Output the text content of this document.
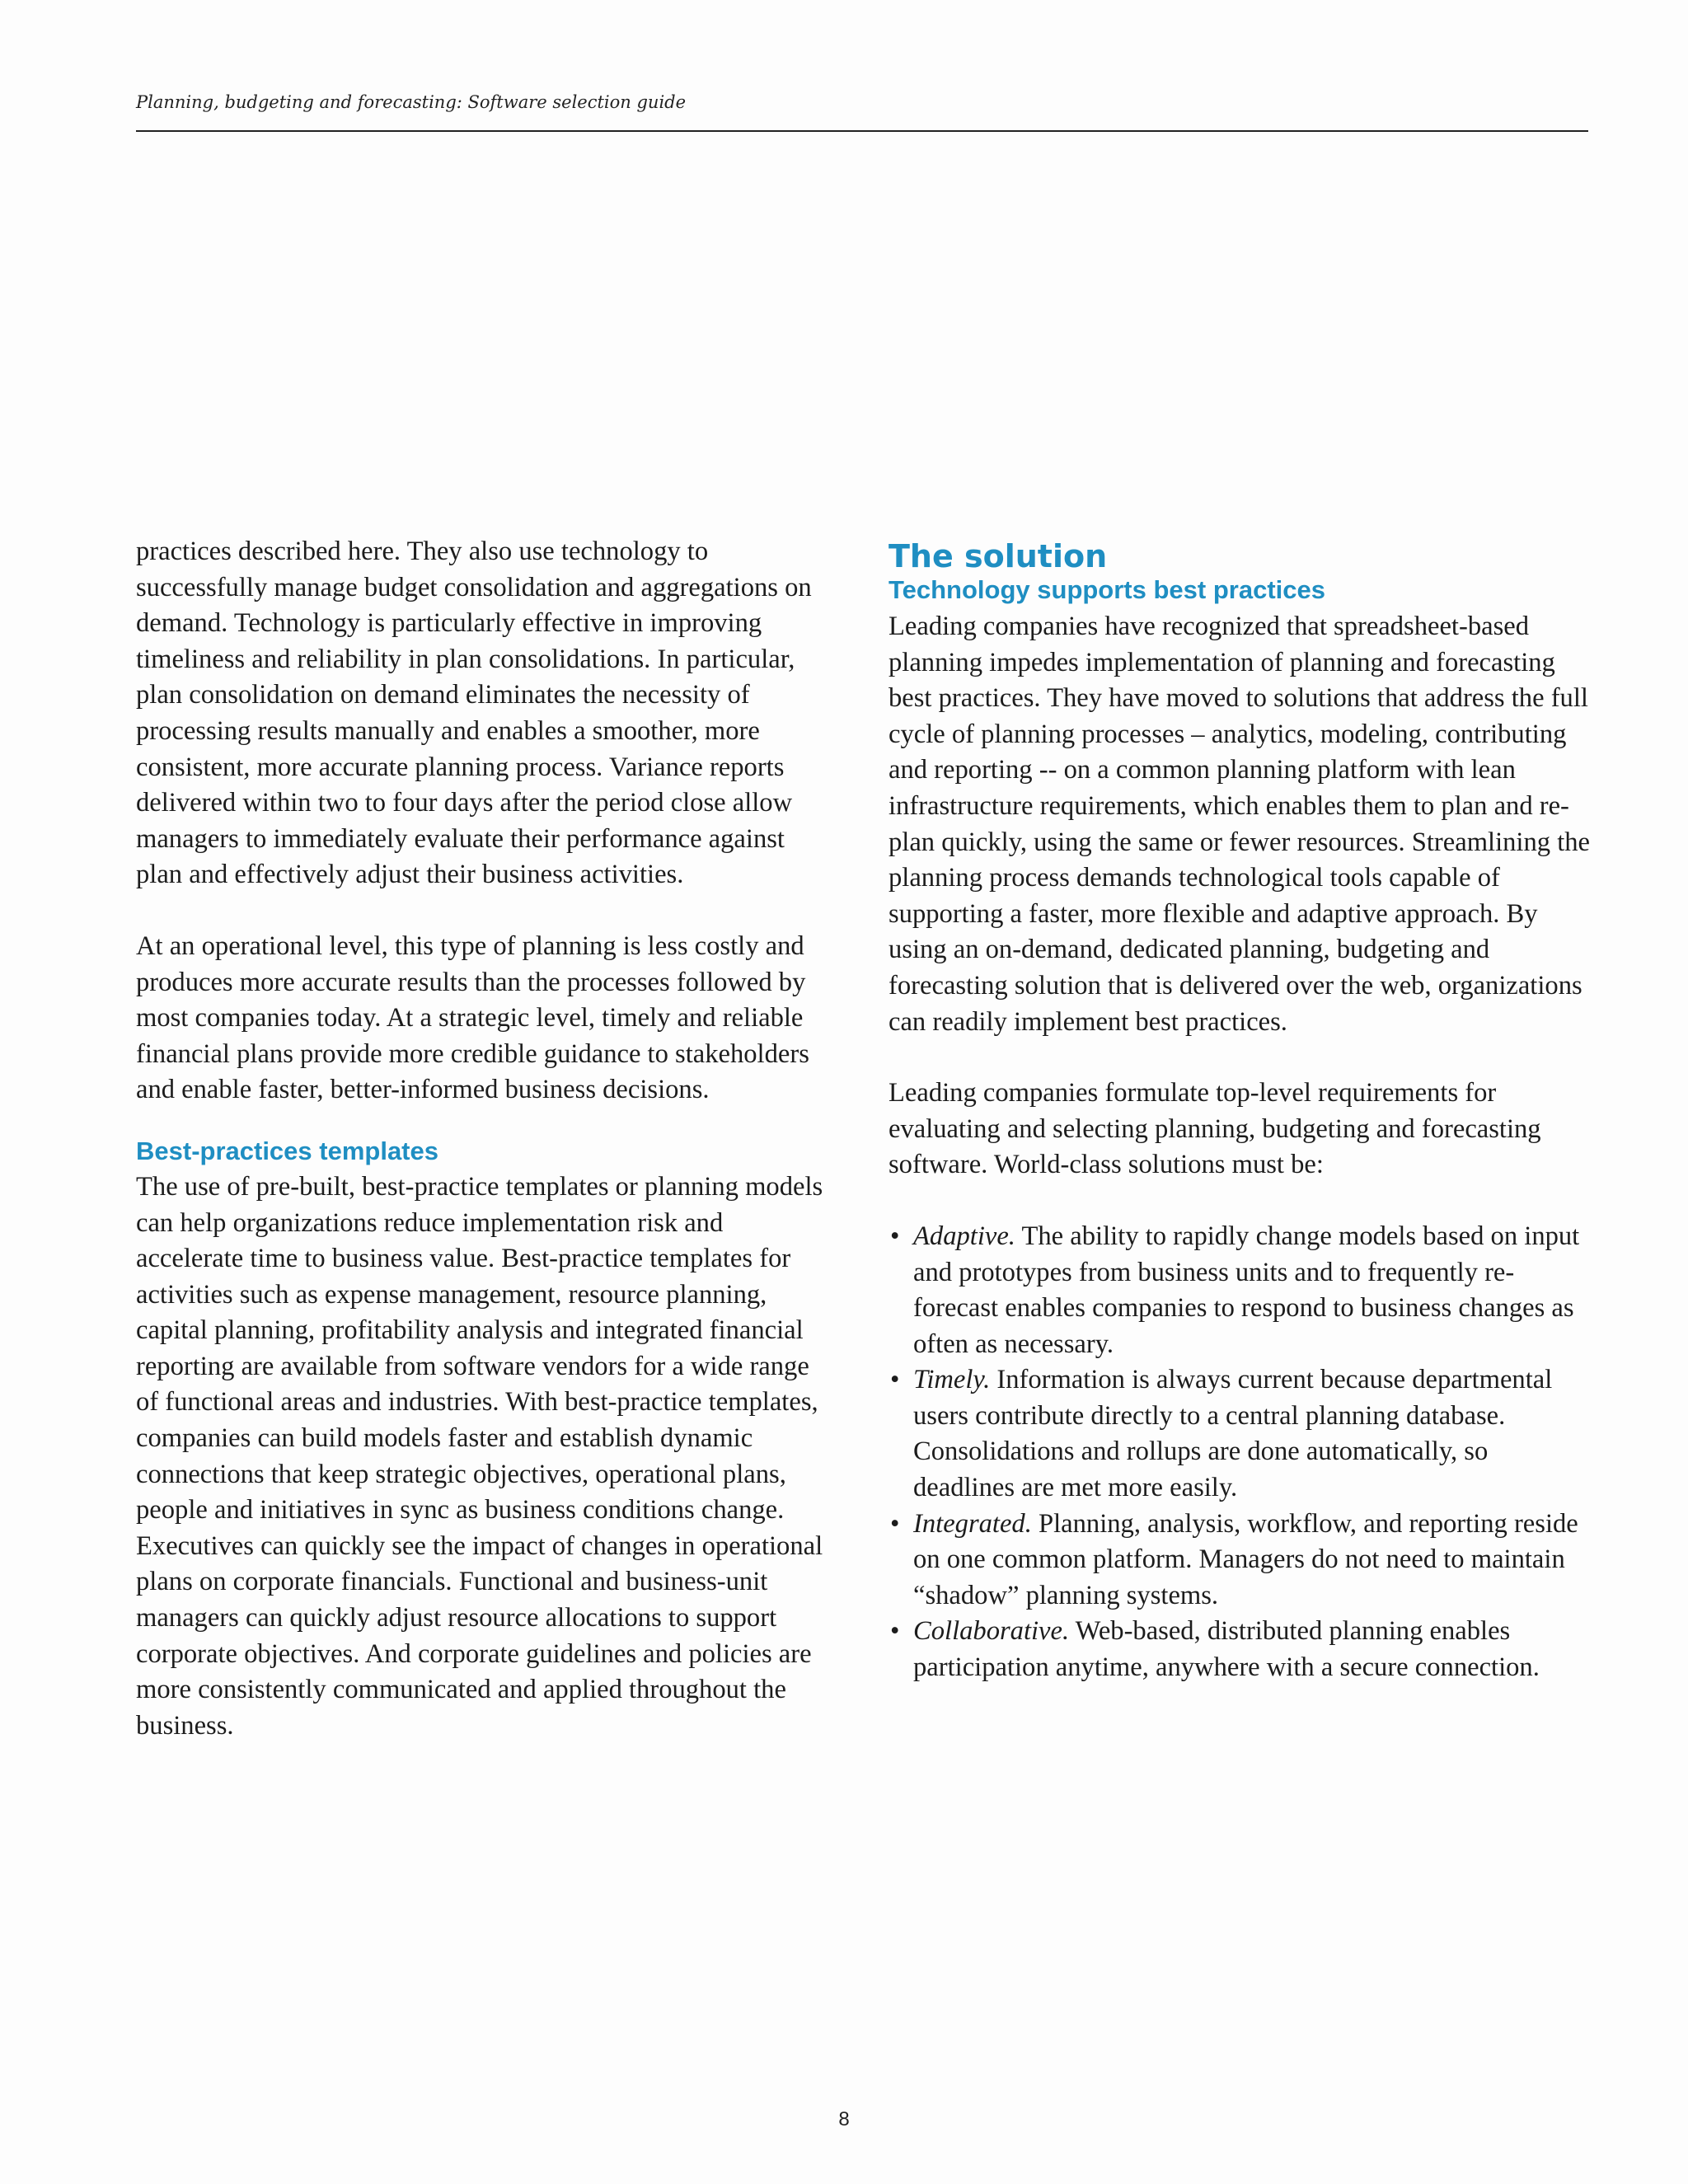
Planning, budgeting and forecasting: Software selection guide

practices described here. They also use technology to successfully manage budget consolidation and aggregations on demand. Technology is particularly effective in improving timeliness and reliability in plan consolidations. In particular, plan consolidation on demand eliminates the necessity of processing results manually and enables a smoother, more consistent, more accurate planning process. Variance reports delivered within two to four days after the period close allow managers to immediately evaluate their performance against plan and effectively adjust their business activities.

At an operational level, this type of planning is less costly and produces more accurate results than the processes followed by most companies today. At a strategic level, timely and reliable financial plans provide more credible guidance to stakeholders and enable faster, better-informed business decisions.

Best-practices templates

The use of pre-built, best-practice templates or planning models can help organizations reduce implementation risk and accelerate time to business value. Best-practice templates for activities such as expense management, resource planning, capital planning, profitability analysis and integrated financial reporting are available from software vendors for a wide range of functional areas and industries. With best-practice templates, companies can build models faster and establish dynamic connections that keep strategic objectives, operational plans, people and initiatives in sync as business conditions change. Executives can quickly see the impact of changes in operational plans on corporate financials. Functional and business-unit managers can quickly adjust resource allocations to support corporate objectives. And corporate guidelines and policies are more consistently communicated and applied throughout the business.

The solution
Technology supports best practices

Leading companies have recognized that spreadsheet-based planning impedes implementation of planning and forecasting best practices. They have moved to solutions that address the full cycle of planning processes – analytics, modeling, contributing and reporting -- on a common planning platform with lean infrastructure requirements, which enables them to plan and re-plan quickly, using the same or fewer resources. Streamlining the planning process demands technological tools capable of supporting a faster, more flexible and adaptive approach. By using an on-demand, dedicated planning, budgeting and forecasting solution that is delivered over the web, organizations can readily implement best practices.

Leading companies formulate top-level requirements for evaluating and selecting planning, budgeting and forecasting software. World-class solutions must be:

• Adaptive. The ability to rapidly change models based on input and prototypes from business units and to frequently re-forecast enables companies to respond to business changes as often as necessary.
• Timely. Information is always current because departmental users contribute directly to a central planning database. Consolidations and rollups are done automatically, so deadlines are met more easily.
• Integrated. Planning, analysis, workflow, and reporting reside on one common platform. Managers do not need to maintain “shadow” planning systems.
• Collaborative. Web-based, distributed planning enables participation anytime, anywhere with a secure connection.
8
